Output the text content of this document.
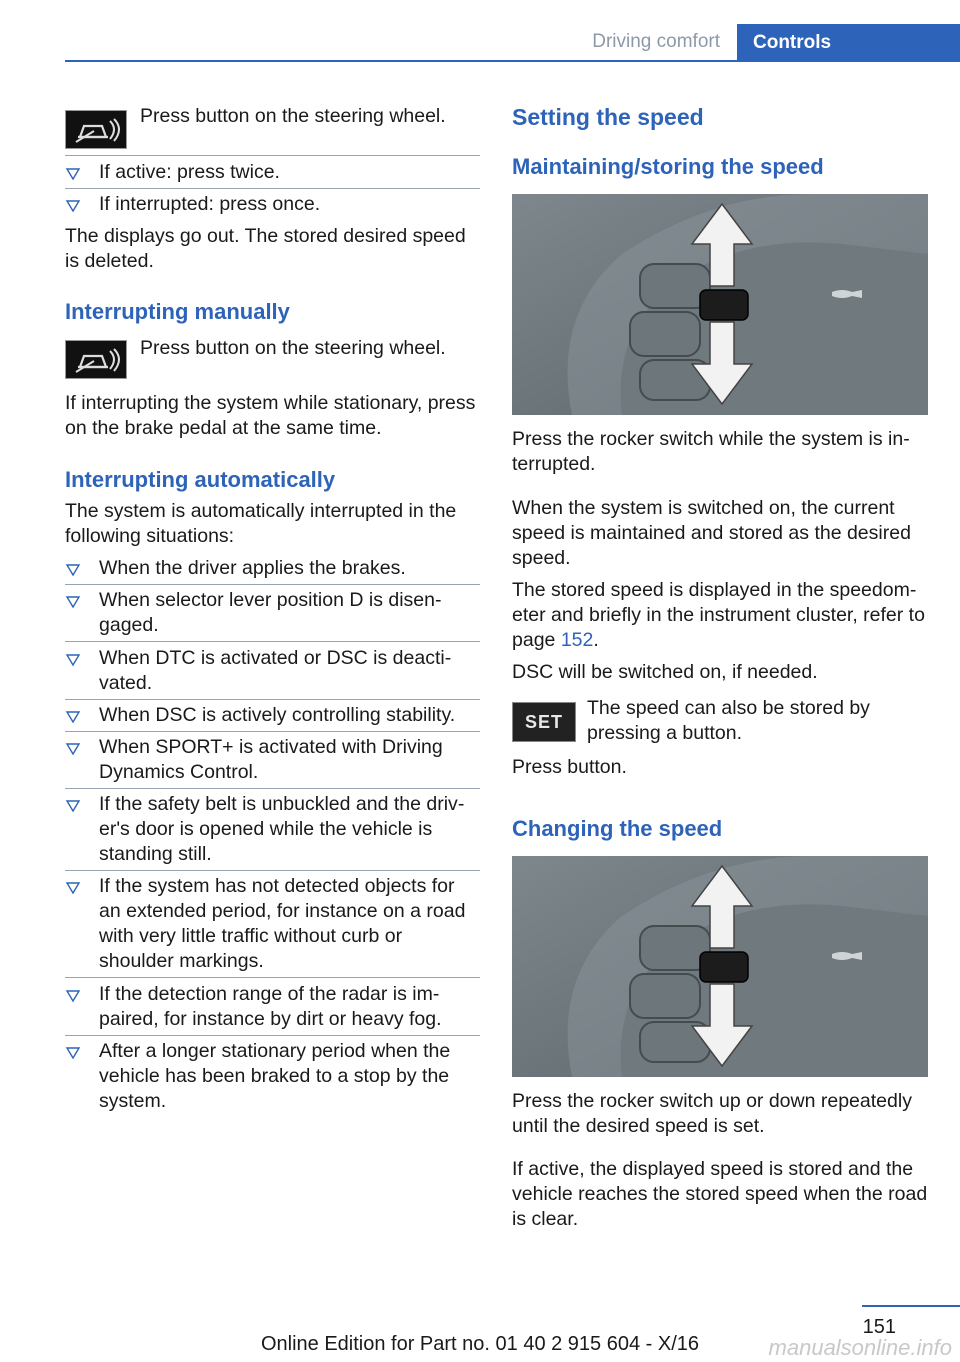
Driving comfort	Controls

Press button on the steering wheel.

If active: press twice.

If interrupted: press once.

The displays go out. The stored desired speed is deleted.

Interrupting manually

Press button on the steering wheel.

If interrupting the system while stationary, press on the brake pedal at the same time.

Interrupting automatically

The system is automatically interrupted in the following situations:

When the driver applies the brakes.

When selector lever position D is disengaged.

When DTC is activated or DSC is deactivated.

When DSC is actively controlling stability.

When SPORT+ is activated with Driving Dynamics Control.

If the safety belt is unbuckled and the driver's door is opened while the vehicle is standing still.

If the system has not detected objects for an extended period, for instance on a road with very little traffic without curb or shoulder markings.

If the detection range of the radar is impaired, for instance by dirt or heavy fog.

After a longer stationary period when the vehicle has been braked to a stop by the system.

Setting the speed
Maintaining/storing the speed

Press the rocker switch while the system is interrupted.

When the system is switched on, the current speed is maintained and stored as the desired speed.

The stored speed is displayed in the speedometer and briefly in the instrument cluster, refer to page 152.

DSC will be switched on, if needed.

SET

The speed can also be stored by pressing a button.

Press button.

Changing the speed

Press the rocker switch up or down repeatedly until the desired speed is set.

If active, the displayed speed is stored and the vehicle reaches the stored speed when the road is clear.

151
Online Edition for Part no. 01 40 2 915 604 - X/16	manualsonline.info
